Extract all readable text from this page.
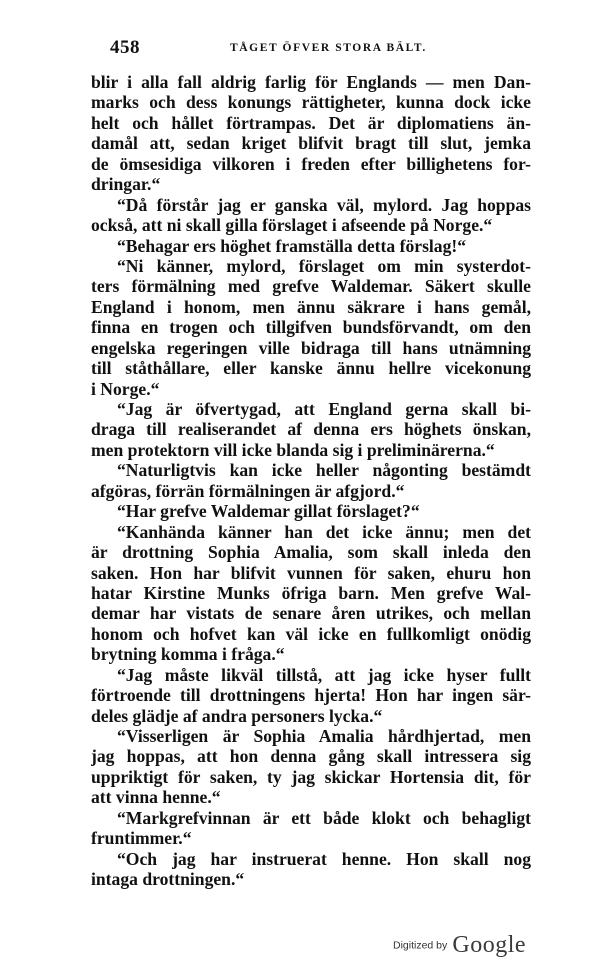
458	TÅGET ÖFVER STORA BÄLT.
blir i alla fall aldrig farlig för Englands — men Dan-
marks och dess konungs rättigheter, kunna dock icke
helt och hållet förtrampas. Det är diplomatiens än-
damål att, sedan kriget blifvit bragt till slut, jemka
de ömsesidiga vilkoren i freden efter billighetens for-
dringar.“
“Då förstår jag er ganska väl, mylord. Jag hoppas
också, att ni skall gilla förslaget i afseende på Norge.“
“Behagar ers höghet framställa detta förslag!“
“Ni känner, mylord, förslaget om min systerdot-
ters förmälning med grefve Waldemar. Säkert skulle
England i honom, men ännu säkrare i hans gemål,
finna en trogen och tillgifven bundsförvandt, om den
engelska regeringen ville bidraga till hans utnämning
till ståthållare, eller kanske ännu hellre vicekonung
i Norge.“
“Jag är öfvertygad, att England gerna skall bi-
draga till realiserandet af denna ers höghets önskan,
men protektorn vill icke blanda sig i preliminärerna.“
“Naturligtvis kan icke heller någonting bestämdt
afgöras, förrän förmälningen är afgjord.“
“Har grefve Waldemar gillat förslaget?“
“Kanhända känner han det icke ännu; men det
är drottning Sophia Amalia, som skall inleda den
saken. Hon har blifvit vunnen för saken, ehuru hon
hatar Kirstine Munks öfriga barn. Men grefve Wal-
demar har vistats de senare åren utrikes, och mellan
honom och hofvet kan väl icke en fullkomligt onödig
brytning komma i fråga.“
“Jag måste likväl tillstå, att jag icke hyser fullt
förtroende till drottningens hjerta! Hon har ingen sär-
deles glädje af andra personers lycka.“
“Visserligen är Sophia Amalia hårdhjertad, men
jag hoppas, att hon denna gång skall intressera sig
uppriktigt för saken, ty jag skickar Hortensia dit, för
att vinna henne.“
“Markgrefvinnan är ett både klokt och behagligt
fruntimmer.“
“Och jag har instruerat henne. Hon skall nog
intaga drottningen.“
Digitized by Google
